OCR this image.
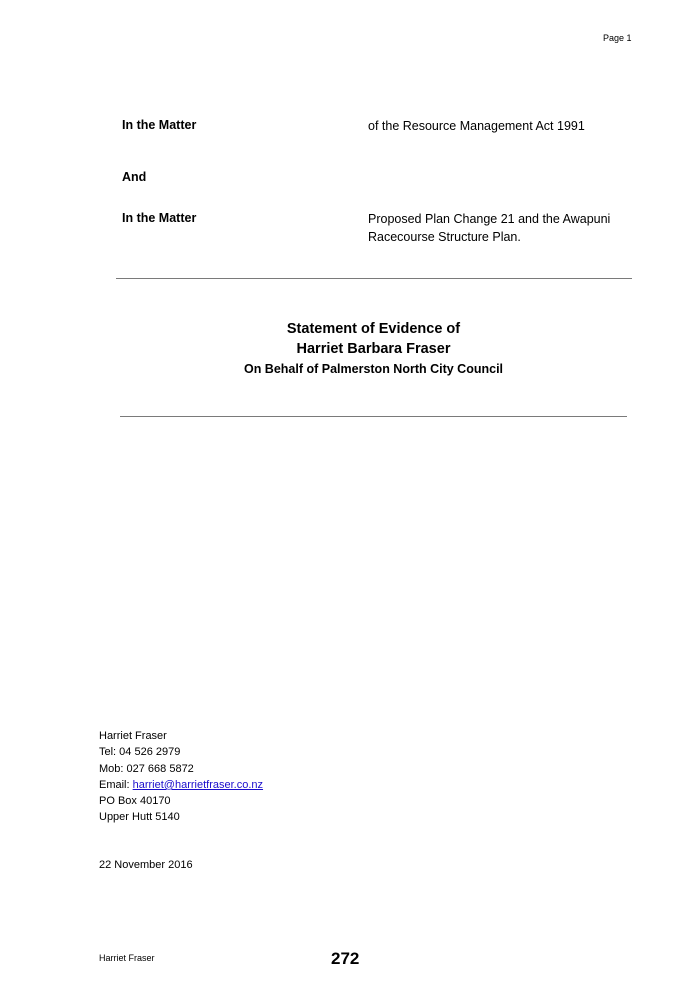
Page 1
In the Matter	of the Resource Management Act 1991
And
In the Matter	Proposed Plan Change 21 and the Awapuni
Racecourse Structure Plan.
Statement of Evidence of
Harriet Barbara Fraser
On Behalf of Palmerston North City Council
Harriet Fraser
Tel: 04 526 2979
Mob: 027 668 5872
Email: harriet@harrietfraser.co.nz
PO Box 40170
Upper Hutt 5140
22 November 2016
Harriet Fraser	272
